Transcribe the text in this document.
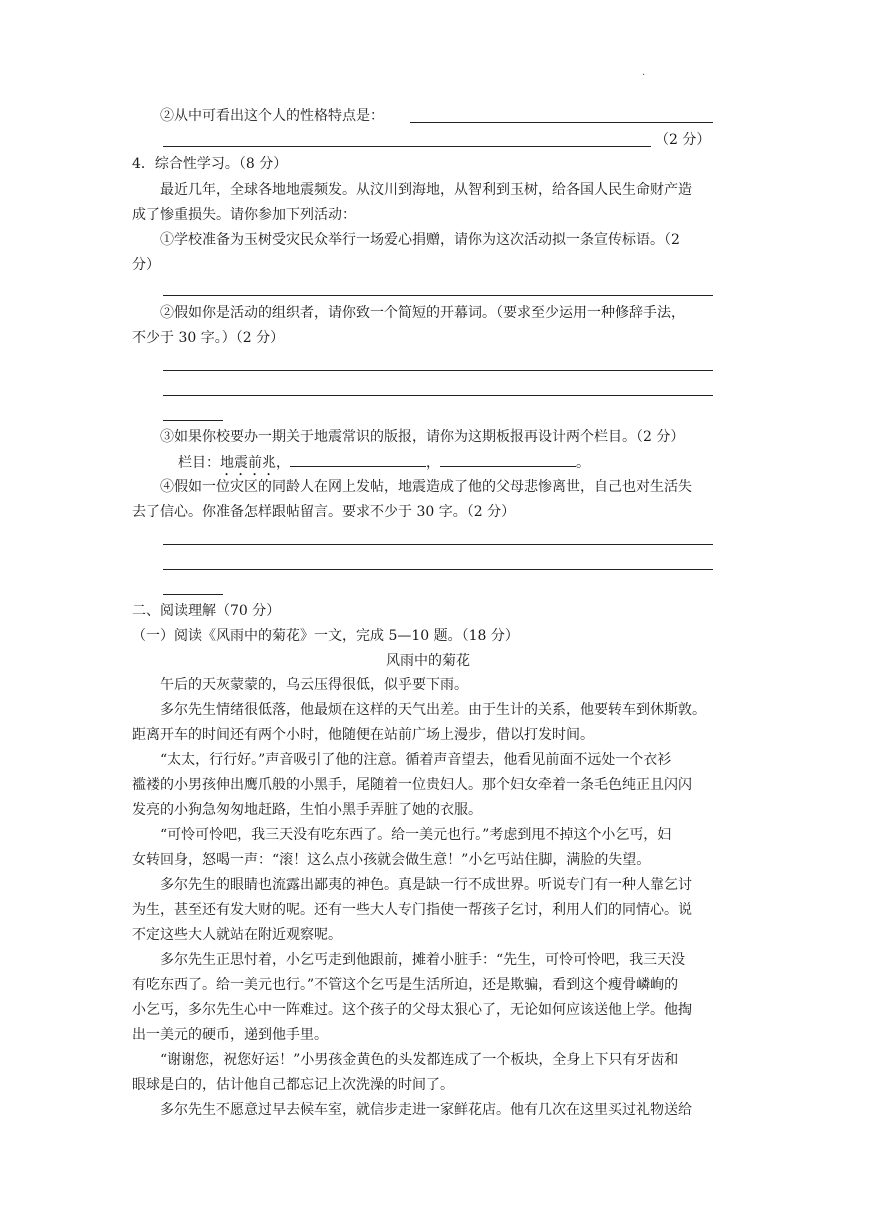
·
②从中可看出这个人的性格特点是：
（2 分）
4．综合性学习。（8 分）
最近几年，全球各地地震频发。从汶川到海地，从智利到玉树，给各国人民生命财产造
成了惨重损失。请你参加下列活动：
①学校准备为玉树受灾民众举行一场爱心捐赠，请你为这次活动拟一条宣传标语。（2
分）
②假如你是活动的组织者，请你致一个简短的开幕词。（要求至少运用一种修辞手法，
不少于 30 字。）（2 分）
③如果你校要办一期关于地震常识的版报，请你为这期板报再设计两个栏目。（2 分）
栏目：地震前兆，	，	。
④假如一位灾区的同龄人在网上发帖，地震造成了他的父母悲惨离世，自己也对生活失
去了信心。你准备怎样跟帖留言。要求不少于 30 字。（2 分）
二、阅读理解（70 分）
（一）阅读《风雨中的菊花》一文，完成 5—10 题。（18 分）
风雨中的菊花
午后的天灰蒙蒙的，乌云压得很低，似乎要下雨。
多尔先生情绪很低落，他最烦在这样的天气出差。由于生计的关系，他要转车到休斯敦。
距离开车的时间还有两个小时，他随便在站前广场上漫步，借以打发时间。
“太太，行行好。”声音吸引了他的注意。循着声音望去，他看见前面不远处一个衣衫
褴褛的小男孩伸出鹰爪般的小黑手，尾随着一位贵妇人。那个妇女牵着一条毛色纯正且闪闪
发亮的小狗急匆匆地赶路，生怕小黑手弄脏了她的衣服。
“可怜可怜吧，我三天没有吃东西了。给一美元也行。”考虑到甩不掉这个小乞丐，妇
女转回身，怒喝一声：“滚！这么点小孩就会做生意！”小乞丐站住脚，满脸的失望。
多尔先生的眼睛也流露出鄙夷的神色。真是缺一行不成世界。听说专门有一种人靠乞讨
为生，甚至还有发大财的呢。还有一些大人专门指使一帮孩子乞讨，利用人们的同情心。说
不定这些大人就站在附近观察呢。
多尔先生正思忖着，小乞丐走到他跟前，摊着小脏手：“先生，可怜可怜吧，我三天没
有吃东西了。给一美元也行。”不管这个乞丐是生活所迫，还是欺骗，看到这个瘦骨嶙峋的
小乞丐，多尔先生心中一阵难过。这个孩子的父母太狠心了，无论如何应该送他上学。他掏
出一美元的硬币，递到他手里。
“谢谢您，祝您好运！”小男孩金黄色的头发都连成了一个板块，全身上下只有牙齿和
眼球是白的，估计他自己都忘记上次洗澡的时间了。
多尔先生不愿意过早去候车室，就信步走进一家鲜花店。他有几次在这里买过礼物送给
